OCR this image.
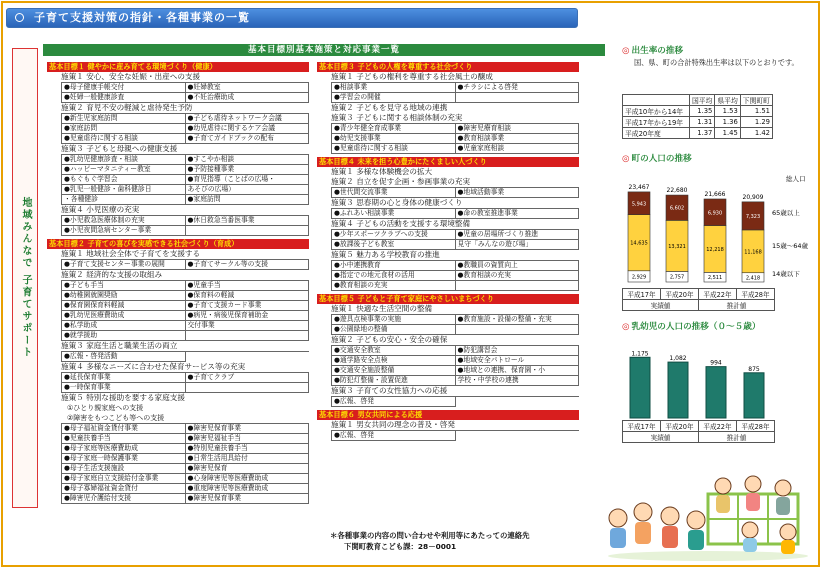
子育て支援対策の指針・各種事業の一覧
基本目標別基本施策と対応事業一覧
地域みんなで 子育てサポート
基本目標１ 健やかに産み育てる環境づくり（健康）
施策１ 安心、安全な妊娠・出産への支援
●母子健康手帳交付	●妊婦教室
●妊婦一般健康診査	●不妊治療助成
施策２ 育児不安の軽減と虐待発生予防
●新生児家庭訪問	●子ども虐待ネットワーク会議
●家庭訪問	●幼児虐待に関するケア会議
●児童虐待に関する相談	●子育てガイドブックの配布
施策３ 子どもと母親への健康支援
●乳幼児健康診査・相談	●すこやか相談
●ハッピーマタニティー教室	●予防接種事業
●もぐもぐ学習会	●育児指導（ことばの広場・
●乳児一般健診・歯科健診日	あそびの広場）
・各種健診	●家庭訪問
施策４ 小児医療の充実
●小児救急医療体制の充実	●休日救急当番医事業
●小児夜間急病センター事業
基本目標２ 子育ての喜びを実感できる社会づくり（育成）
施策１ 地域社会全体で子育てを支援する
●子育て支援センター事業の展開	●子育てサークル等の支援
施策２ 経済的な支援の取組み
●子ども手当	●児童手当
●幼稚園就園奨励	●保育料の軽減
●保育園保育料軽減	●子育て支援カード事業
●乳幼児医療費助成	●病児・病後児保育補助金
●私学助成	交付事業
●就学援助
施策３ 家庭生活と職業生活の両立
●広報・啓発活動
施策４ 多様なニーズに合わせた保育サービス等の充実
●延長保育事業	●子育てクラブ
●一時保育事業
施策５ 特別な援助を要する家庭支援
①ひとり親家庭への支援
②障害をもつこども等への支援
●母子福祉資金貸付事業	●障害児保育事業
●児童扶養手当	●障害児福祉手当
●母子家庭等医療費助成	●特別児童扶養手当
●母子家庭一時保護事業	●日常生活用具給付
●母子生活支援施設	●障害児保育
●母子家庭自立支援給付金事業	●心身障害児等医療費助成
●母子寡婦福祉資金貸付	●重度障害児等医療費助成
●障害児介護給付支援	●障害児保育事業
基本目標３ 子どもの人権を尊重する社会づくり
施策１ 子どもの権利を尊重する社会風土の醸成
●相談事業	●チラシによる啓発
●学習会の開催
施策２ 子どもを見守る地域の連携
施策３ 子どもに関する相談体制の充実
●青少年健全育成事業	●障害児療育相談
●幼児支援事業	●教育相談事業
●児童虐待に関する相談	●児童家庭相談
基本目標４ 未来を担う心豊かにたくましい人づくり
施策１ 多様な体験機会の拡大
施策２ 自立を促す企画・参画事業の充実
●世代間交流事業	●地域活動事業
施策３ 思春期の心と身体の健康づくり
●ふれあい相談事業	●命の教室推進事業
施策４ 子どもの活動を支援する環境整備
●少年スポーツクラブへの支援	●児童の居場所づくり推進
●放課後子ども教室	見守「みんなの遊び場」
施策５ 魅力ある学校教育の推進
●小中連携教育	●教職員の資質向上
●指定での地元食材の活用	●教育相談の充実
●教育相談の充実
基本目標５ 子どもと子育て家庭にやさしいまちづくり
施策１ 快適な生活空間の整備
●遊具点検事業の実施	●教育施設・設備の整備・充実
●公園緑地の整備
施策２ 子どもの安心・安全の確保
●交通安全教室	●防犯講習会
●通学路安全点検	●地域安全パトロール
●交通安全施設整備	●地域との連携、保育園・小
●防犯灯整備・設置促進	学校・中学校の連携
施策３ 子育ての女性協力への応援
●広報、啓発
基本目標６ 男女共同による応援
施策１ 男女共同の理念の普及・啓発
●広報、啓発
＊各種事業の内容の問い合わせや利用等にあたっての連絡先
下関町教育こども課：28－0001
◎ 出生率の推移
国、県、町の合計特殊出生率は以下のとおりです。
	国平均	県平均	下関町町
平成10年から14年	1.35	1.53	1.51
平成17年から19年	1.31	1.36	1.29
平成20年度	1.37	1.45	1.42
◎ 町の人口の推移
2,929
14,635
5,943
23,467
2,757
13,321
6,602
22,680
2,511
12,218
6,930
21,666
2,418
11,168
7,323
20,909
総人口
65歳以上
15歳～64歳
14歳以下
平成17年	平成20年	平成22年	平成28年
実績値		推計値	
◎ 乳幼児の人口の推移（０～５歳）
1,175
1,082
994
875
平成17年	平成20年	平成22年	平成28年
実績値		推計値	
